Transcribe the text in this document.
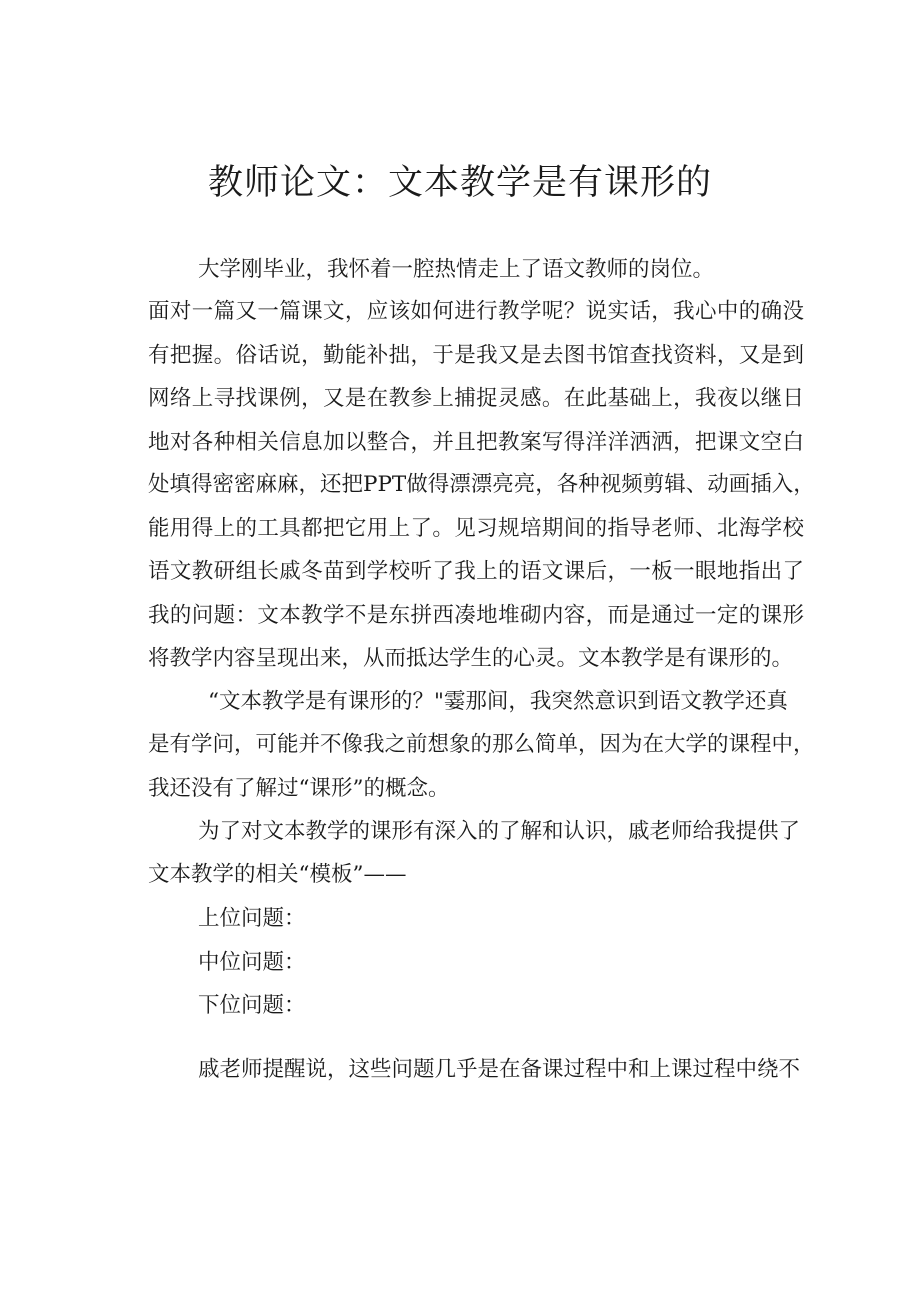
教师论文：文本教学是有课形的

大学刚毕业，我怀着一腔热情走上了语文教师的岗位。

面对一篇又一篇课文，应该如何进行教学呢？说实话，我心中的确没

有把握。俗话说，勤能补拙，于是我又是去图书馆查找资料，又是到

网络上寻找课例，又是在教参上捕捉灵感。在此基础上，我夜以继日

地对各种相关信息加以整合，并且把教案写得洋洋洒洒，把课文空白

处填得密密麻麻，还把PPT做得漂漂亮亮，各种视频剪辑、动画插入，

能用得上的工具都把它用上了。见习规培期间的指导老师、北海学校

语文教研组长戚冬苗到学校听了我上的语文课后，一板一眼地指出了

我的问题：文本教学不是东拼西凑地堆砌内容，而是通过一定的课形

将教学内容呈现出来，从而抵达学生的心灵。文本教学是有课形的。

“文本教学是有课形的？"霎那间，我突然意识到语文教学还真

是有学问，可能并不像我之前想象的那么简单，因为在大学的课程中，

我还没有了解过“课形”的概念。

为了对文本教学的课形有深入的了解和认识，戚老师给我提供了

文本教学的相关“模板”——

上位问题：

中位问题：

下位问题：

戚老师提醒说，这些问题几乎是在备课过程中和上课过程中绕不
